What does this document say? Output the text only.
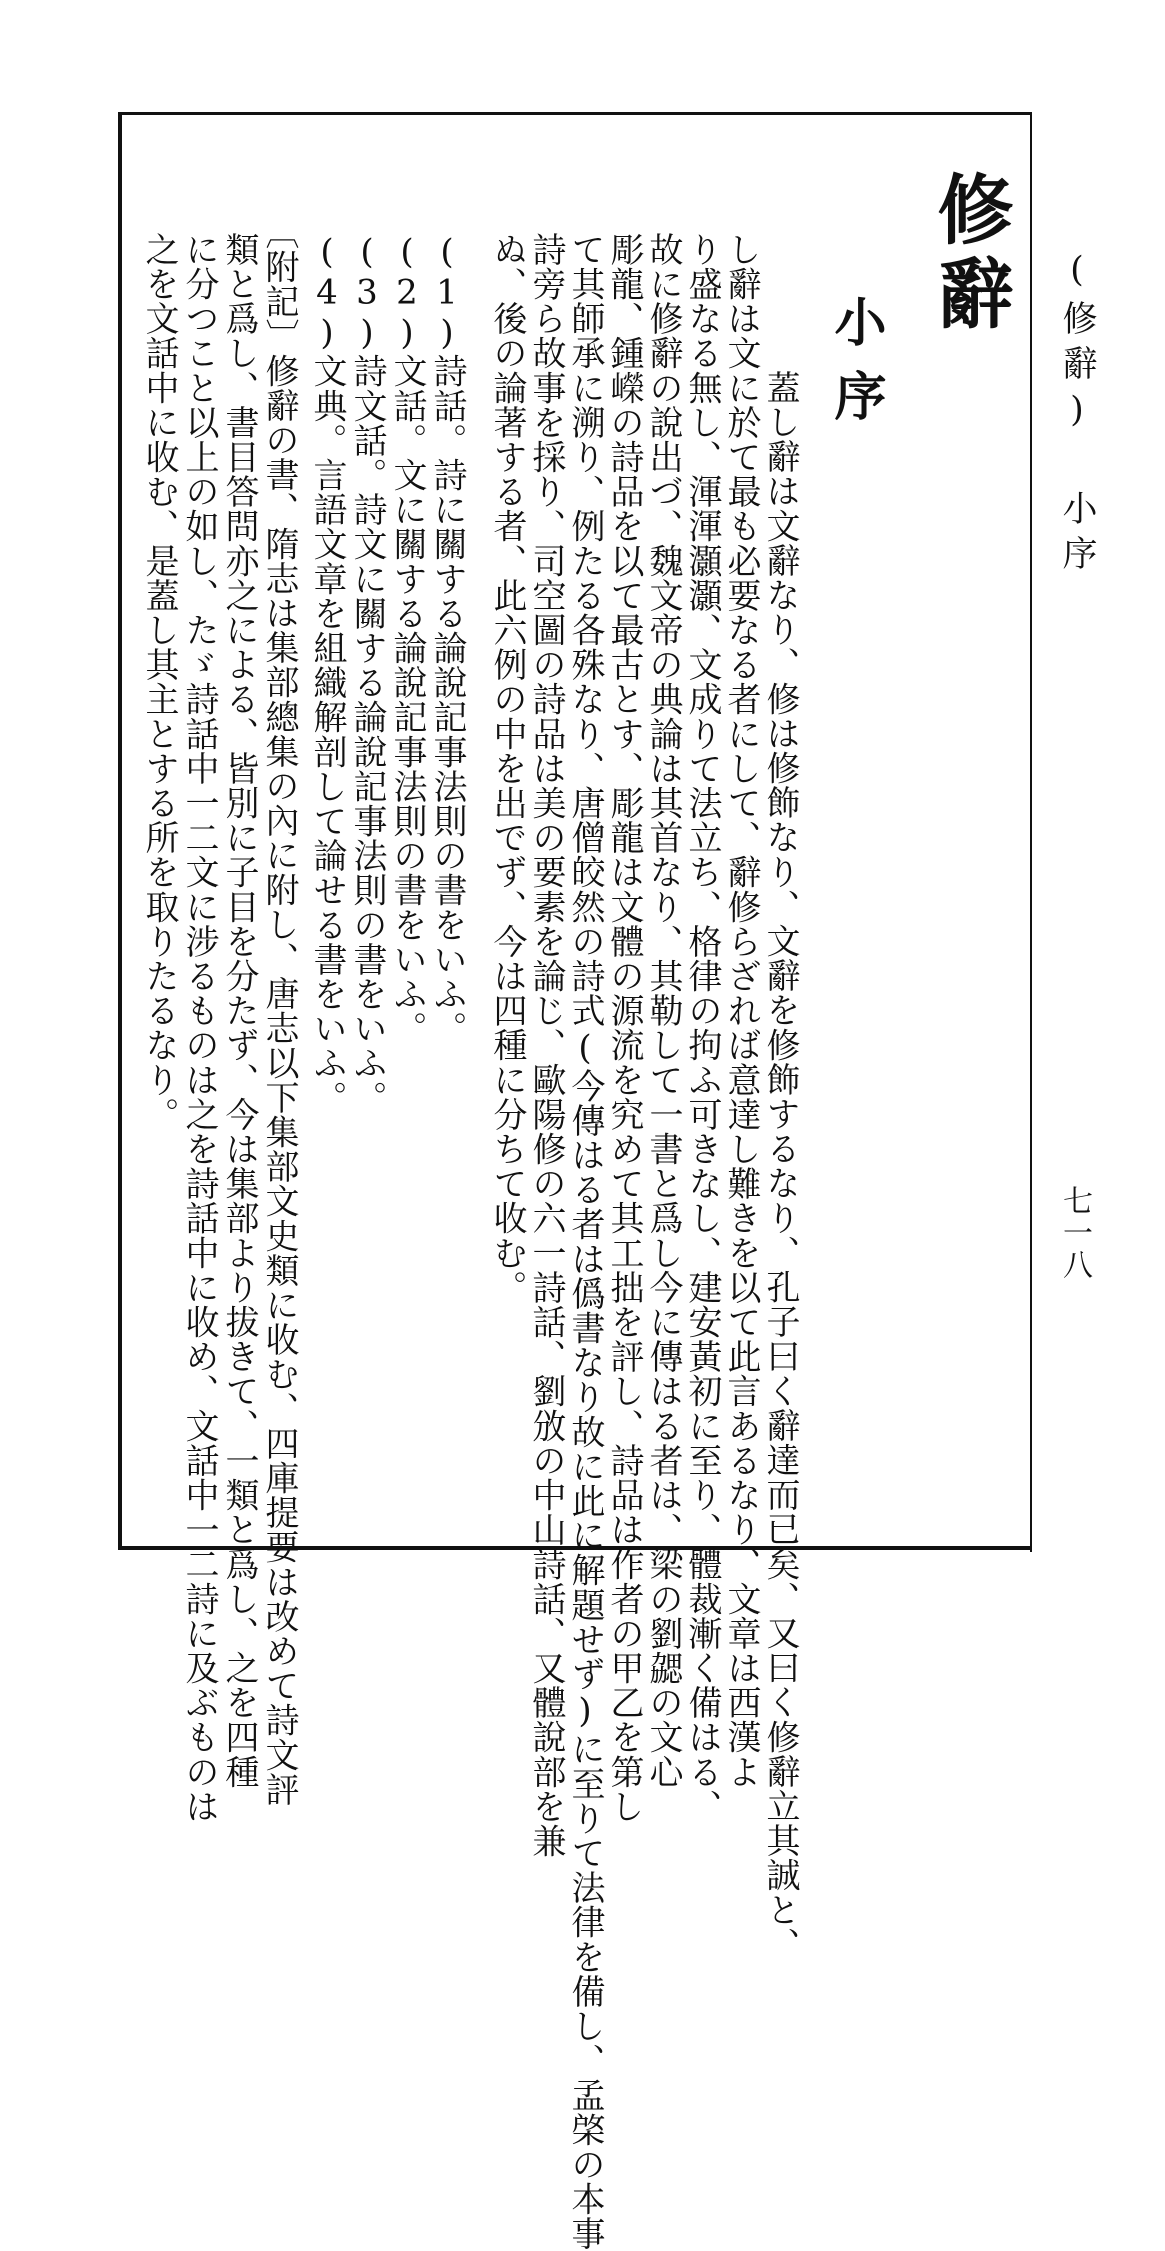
(修辭) 小序
七一八
修辭
小序
蓋し辭は文辭なり、修は修飾なり、文辭を修飾するなり、孔子曰く辭達而已矣、又曰く修辭立其誠と、
し辭は文に於て最も必要なる者にして、辭修らざれば意達し難きを以て此言あるなり、文章は西漢よ
り盛なる無し、渾渾灝灝、文成りて法立ち、格律の拘ふ可きなし、建安黃初に至り、體裁漸く備はる、
故に修辭の說出づ、魏文帝の典論は其首なり、其勒して一書と爲し今に傳はる者は、梁の劉勰の文心
彫龍、鍾嶸の詩品を以て最古とす、彫龍は文體の源流を究めて其工拙を評し、詩品は作者の甲乙を第し
て其師承に溯り、例たる各殊なり、唐僧皎然の詩式(今傳はる者は僞書なり故に此に解題せず)に至りて法律を備し、孟棨の本事
詩旁ら故事を採り、司空圖の詩品は美の要素を論じ、歐陽修の六一詩話、劉攽の中山詩話、又體說部を兼
ぬ、後の論著する者、此六例の中を出でず、今は四種に分ちて收む。
(1)詩話。詩に關する論說記事法則の書をいふ。
(2)文話。文に關する論說記事法則の書をいふ。
(3)詩文話。詩文に關する論說記事法則の書をいふ。
(4)文典。言語文章を組織解剖して論せる書をいふ。
〔附記〕修辭の書、隋志は集部總集の內に附し、唐志以下集部文史類に收む、四庫提要は改めて詩文評
類と爲し、書目答問亦之による、皆別に子目を分たず、今は集部より拔きて、一類と爲し、之を四種
に分つこと以上の如し、たゞ詩話中一二文に涉るものは之を詩話中に收め、文話中一二詩に及ぶものは
之を文話中に收む、是蓋し其主とする所を取りたるなり。
